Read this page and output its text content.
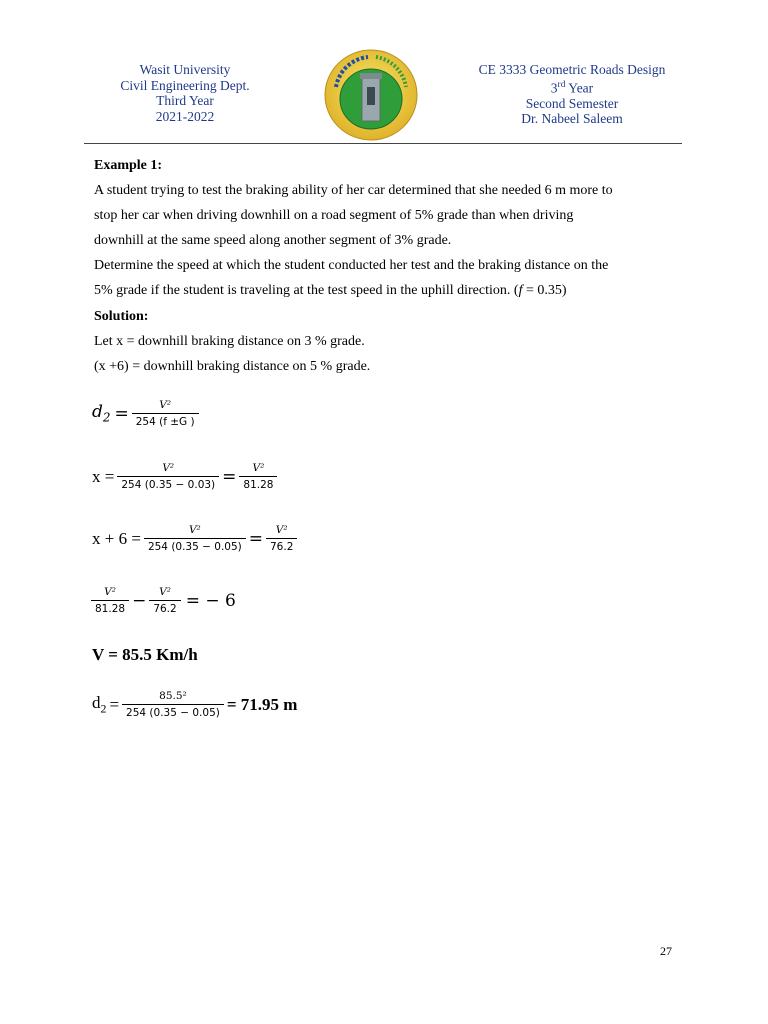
Wasit University
Civil Engineering Dept.
Third Year
2021-2022
CE 3333 Geometric Roads Design
3rd Year
Second Semester
Dr. Nabeel Saleem
Example 1:
A student trying to test the braking ability of her car determined that she needed 6 m more to
stop her car when driving downhill on a road segment of 5% grade than when driving
downhill at the same speed along another segment of 3% grade.
Determine the speed at which the student conducted her test and the braking distance on the
5% grade if the student is traveling at the test speed in the uphill direction. (f = 0.35)
Solution:
Let x = downhill braking distance on 3 % grade.
(x +6) = downhill braking distance on 5 % grade.
$d_2 = \frac{\text{V²}}{254 (f \pm G )}$
$x = \frac{\text{V²}}{254 (0.35 - 0.03)} = \frac{\text{V²}}{81.28}$
$x + 6 = \frac{\text{V²}}{254 (0.35 - 0.05)} = \frac{\text{V²}}{76.2}$
$\frac{\text{V²}}{81.28} - \frac{\text{V²}}{76.2}$ = − 6
V = 85.5 Km/h
$d_2 = \frac{\text{85.5²}}{254 (0.35 - 0.05)} = 71.95$ m
27
